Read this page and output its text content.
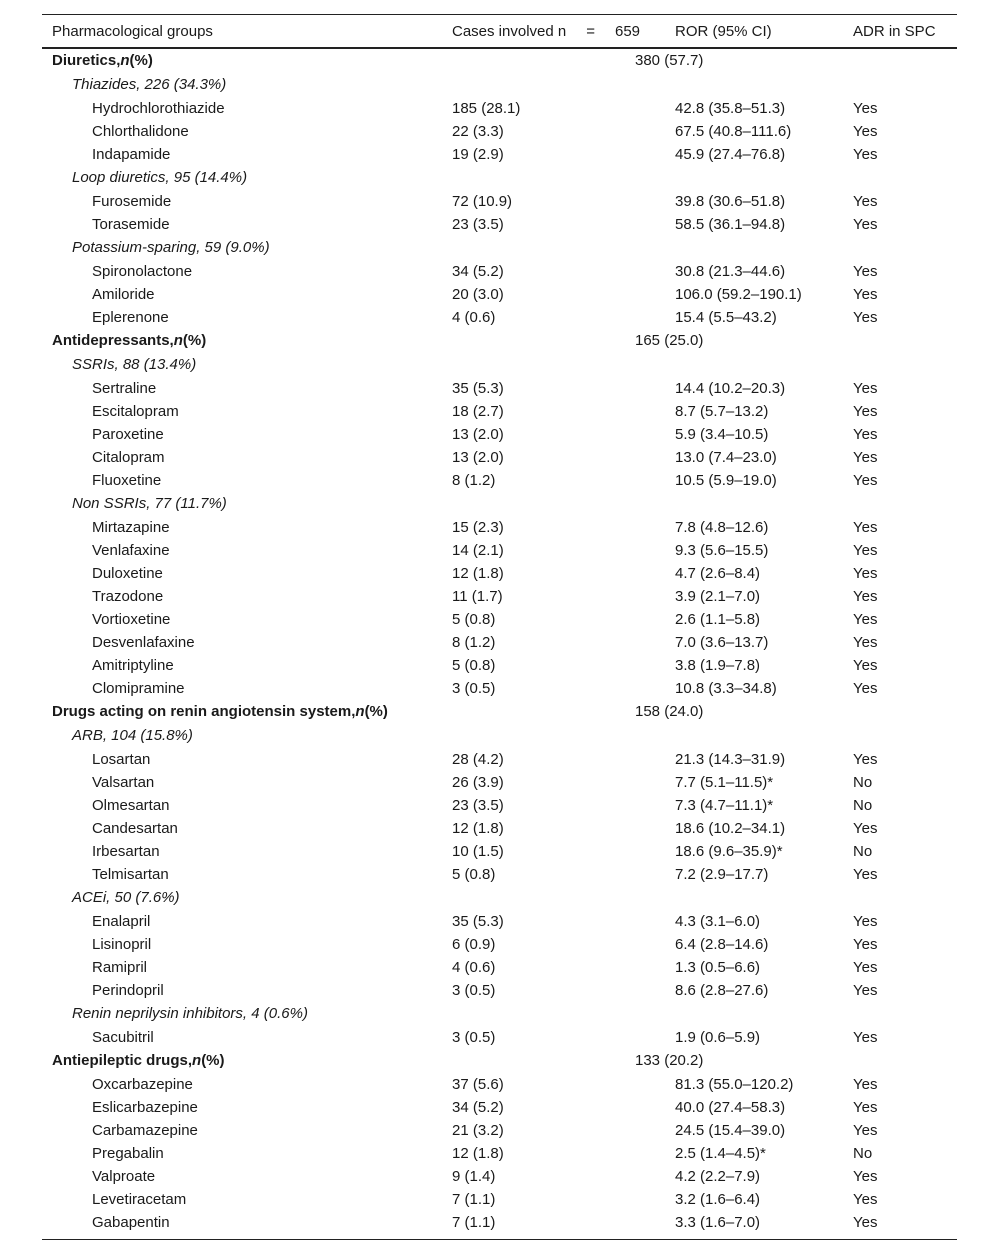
Pharmacological groups	Cases involved n = 659	ROR (95% CI)	ADR in SPC
Diuretics,n(%)		380 (57.7)	
Thiazides, 226 (34.3%)			
Hydrochlorothiazide	185 (28.1)	42.8 (35.8–51.3)	Yes
Chlorthalidone	22 (3.3)	67.5 (40.8–111.6)	Yes
Indapamide	19 (2.9)	45.9 (27.4–76.8)	Yes
Loop diuretics, 95 (14.4%)			
Furosemide	72 (10.9)	39.8 (30.6–51.8)	Yes
Torasemide	23 (3.5)	58.5 (36.1–94.8)	Yes
Potassium-sparing, 59 (9.0%)			
Spironolactone	34 (5.2)	30.8 (21.3–44.6)	Yes
Amiloride	20 (3.0)	106.0 (59.2–190.1)	Yes
Eplerenone	4 (0.6)	15.4 (5.5–43.2)	Yes
Antidepressants,n(%)		165 (25.0)	
SSRIs, 88 (13.4%)			
Sertraline	35 (5.3)	14.4 (10.2–20.3)	Yes
Escitalopram	18 (2.7)	8.7 (5.7–13.2)	Yes
Paroxetine	13 (2.0)	5.9 (3.4–10.5)	Yes
Citalopram	13 (2.0)	13.0 (7.4–23.0)	Yes
Fluoxetine	8 (1.2)	10.5 (5.9–19.0)	Yes
Non SSRIs, 77 (11.7%)			
Mirtazapine	15 (2.3)	7.8 (4.8–12.6)	Yes
Venlafaxine	14 (2.1)	9.3 (5.6–15.5)	Yes
Duloxetine	12 (1.8)	4.7 (2.6–8.4)	Yes
Trazodone	11 (1.7)	3.9 (2.1–7.0)	Yes
Vortioxetine	5 (0.8)	2.6 (1.1–5.8)	Yes
Desvenlafaxine	8 (1.2)	7.0 (3.6–13.7)	Yes
Amitriptyline	5 (0.8)	3.8 (1.9–7.8)	Yes
Clomipramine	3 (0.5)	10.8 (3.3–34.8)	Yes
Drugs acting on renin angiotensin system,n(%)		158 (24.0)	
ARB, 104 (15.8%)			
Losartan	28 (4.2)	21.3 (14.3–31.9)	Yes
Valsartan	26 (3.9)	7.7 (5.1–11.5)*	No
Olmesartan	23 (3.5)	7.3 (4.7–11.1)*	No
Candesartan	12 (1.8)	18.6 (10.2–34.1)	Yes
Irbesartan	10 (1.5)	18.6 (9.6–35.9)*	No
Telmisartan	5 (0.8)	7.2 (2.9–17.7)	Yes
ACEi, 50 (7.6%)			
Enalapril	35 (5.3)	4.3 (3.1–6.0)	Yes
Lisinopril	6 (0.9)	6.4 (2.8–14.6)	Yes
Ramipril	4 (0.6)	1.3 (0.5–6.6)	Yes
Perindopril	3 (0.5)	8.6 (2.8–27.6)	Yes
Renin neprilysin inhibitors, 4 (0.6%)			
Sacubitril	3 (0.5)	1.9 (0.6–5.9)	Yes
Antiepileptic drugs,n(%)		133 (20.2)	
Oxcarbazepine	37 (5.6)	81.3 (55.0–120.2)	Yes
Eslicarbazepine	34 (5.2)	40.0 (27.4–58.3)	Yes
Carbamazepine	21 (3.2)	24.5 (15.4–39.0)	Yes
Pregabalin	12 (1.8)	2.5 (1.4–4.5)*	No
Valproate	9 (1.4)	4.2 (2.2–7.9)	Yes
Levetiracetam	7 (1.1)	3.2 (1.6–6.4)	Yes
Gabapentin	7 (1.1)	3.3 (1.6–7.0)	Yes
